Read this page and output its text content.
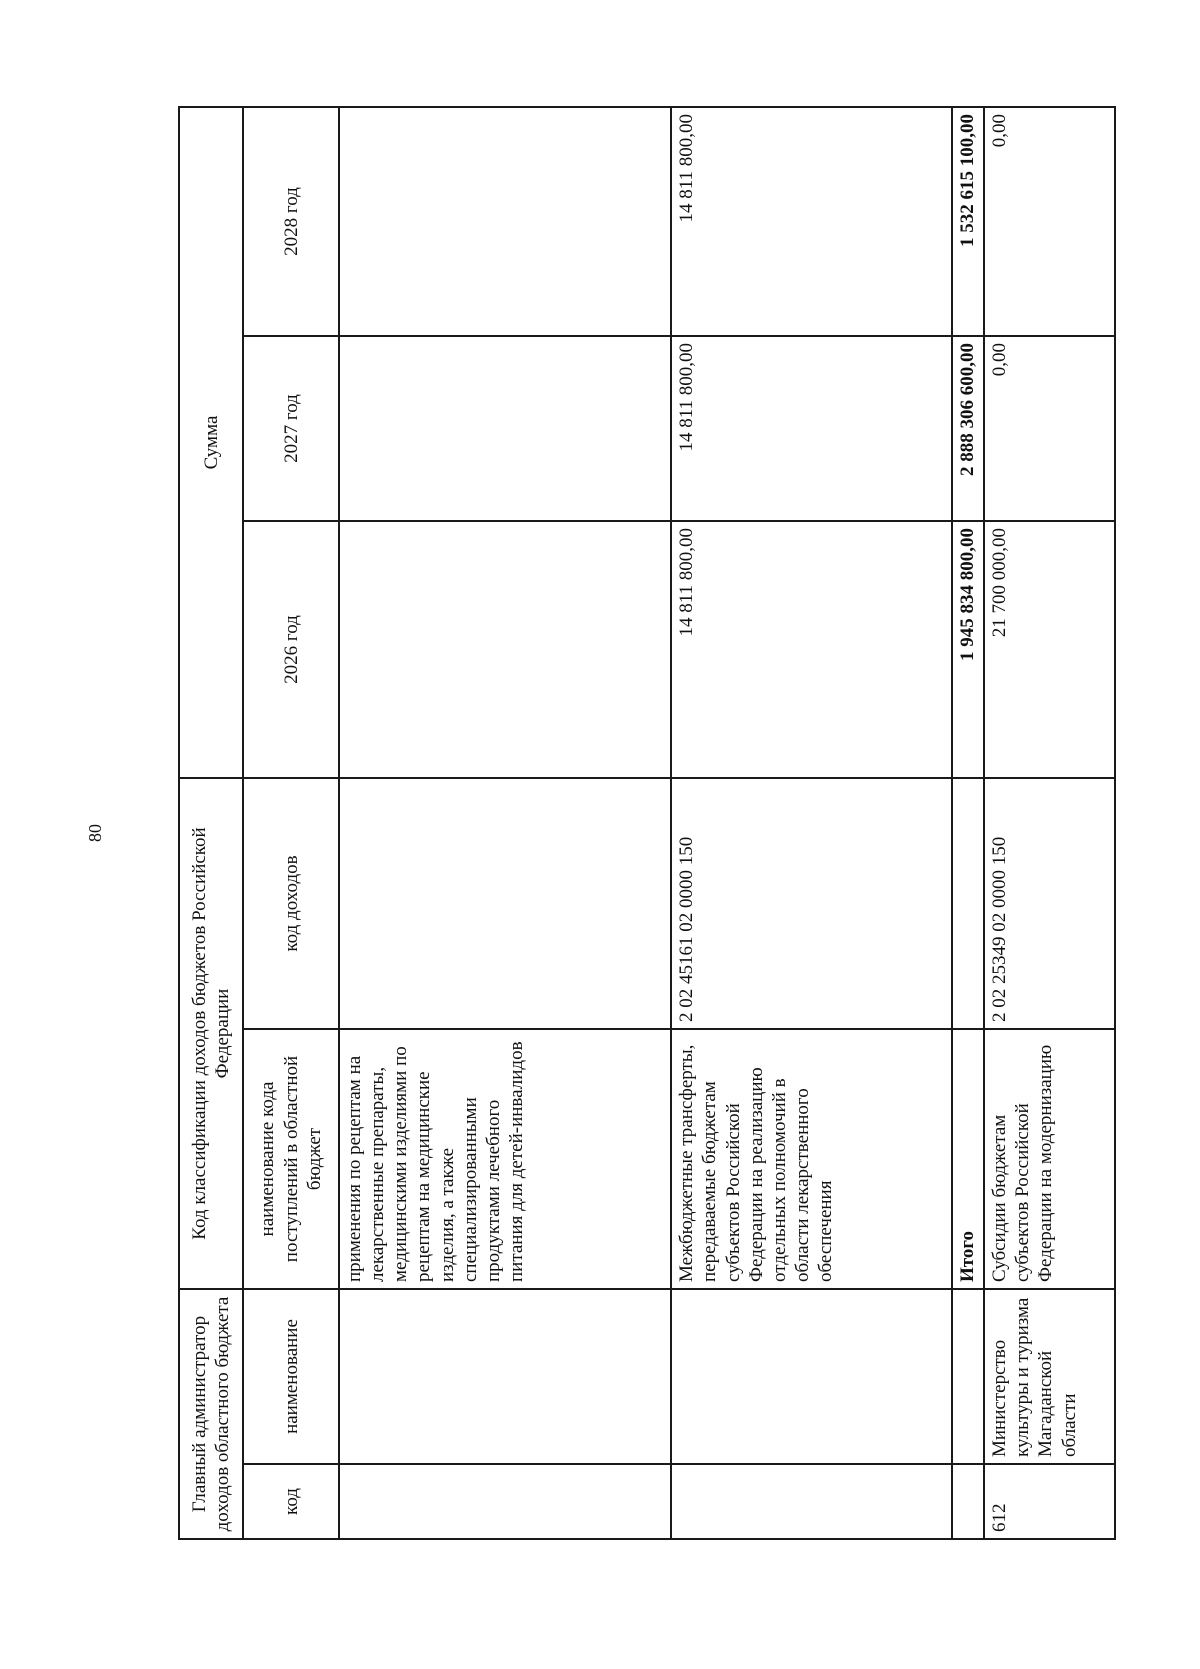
80
Главный администратор доходов областного бюджета		Код классификации доходов бюджетов Российской Федерации		Сумма		
код	наименование	наименование кода поступлений в областной бюджет	код доходов	2026 год	2027 год	2028 год
		применения по рецептам на лекарственные препараты, медицинскими изделиями по рецептам на медицинские изделия, а также специализированными продуктами лечебного питания для детей-инвалидов				
		Межбюджетные трансферты, передаваемые бюджетам субъектов Российской Федерации на реализацию отдельных полномочий в области лекарственного обеспечения	2 02 45161 02 0000 150	14 811 800,00	14 811 800,00	14 811 800,00
		Итого		1 945 834 800,00	2 888 306 600,00	1 532 615 100,00
612	Министерство культуры и туризма Магаданской области	Субсидии бюджетам субъектов Российской Федерации на модернизацию	2 02 25349 02 0000 150	21 700 000,00	0,00	0,00
